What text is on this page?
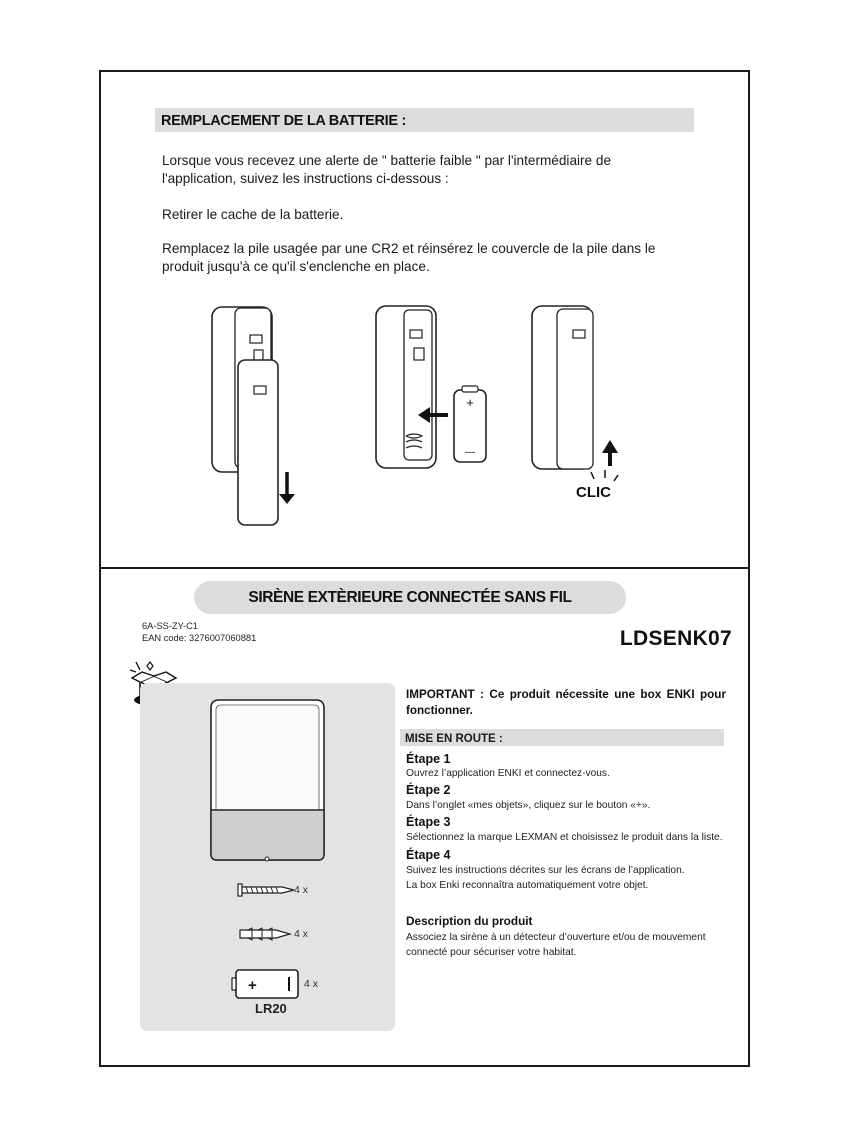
REMPLACEMENT DE LA BATTERIE :
Lorsque vous recevez une alerte de " batterie faible " par l'intermédiaire de
l'application, suivez les instructions ci-dessous :
Retirer le cache de la batterie.
Remplacez la pile usagée par une CR2 et réinsérez le couvercle de la pile dans le
produit jusqu'à ce qu'il s'enclenche en place.
+
—
CLIC
SIRÈNE EXTÈRIEURE CONNECTÉE SANS FIL
6A-SS-ZY-C1
EAN code: 3276007060881	LDSENK07
4 x
4 x
+	4 x
LR20
IMPORTANT : Ce produit nécessite une box ENKI pour fonctionner.
MISE EN ROUTE :
Étape 1
Ouvrez l’application ENKI et connectez-vous.
Étape 2
Dans l’onglet «mes objets», cliquez sur le bouton «+».
Étape 3
Sélectionnez la marque LEXMAN et choisissez le produit dans la liste.
Étape 4
Suivez les instructions décrites sur les écrans de l’application.
La box Enki reconnaîtra automatiquement votre objet.
Description du produit
Associez la sirène à un détecteur d’ouverture et/ou de mouvement
connecté pour sécuriser votre habitat.
